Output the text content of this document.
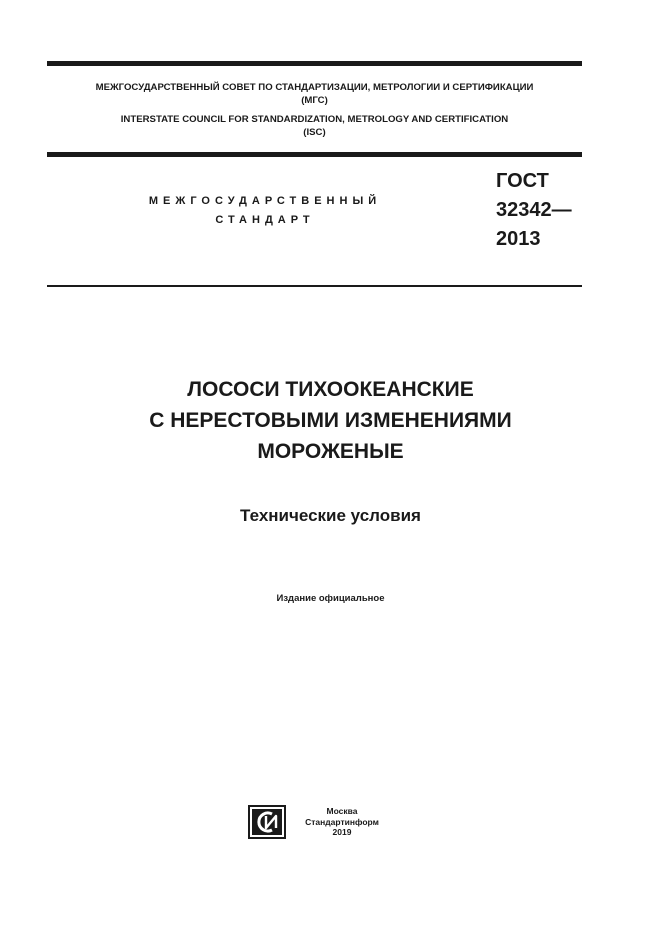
МЕЖГОСУДАРСТВЕННЫЙ СОВЕТ ПО СТАНДАРТИЗАЦИИ, МЕТРОЛОГИИ И СЕРТИФИКАЦИИ
(МГС)
INTERSTATE COUNCIL FOR STANDARDIZATION, METROLOGY AND CERTIFICATION
(ISC)
МЕЖГОСУДАРСТВЕННЫЙ
СТАНДАРТ
ГОСТ
32342—
2013
ЛОСОСИ ТИХООКЕАНСКИЕ
С НЕРЕСТОВЫМИ ИЗМЕНЕНИЯМИ
МОРОЖЕНЫЕ
Технические условия
Издание официальное
Москва
Стандартинформ
2019
